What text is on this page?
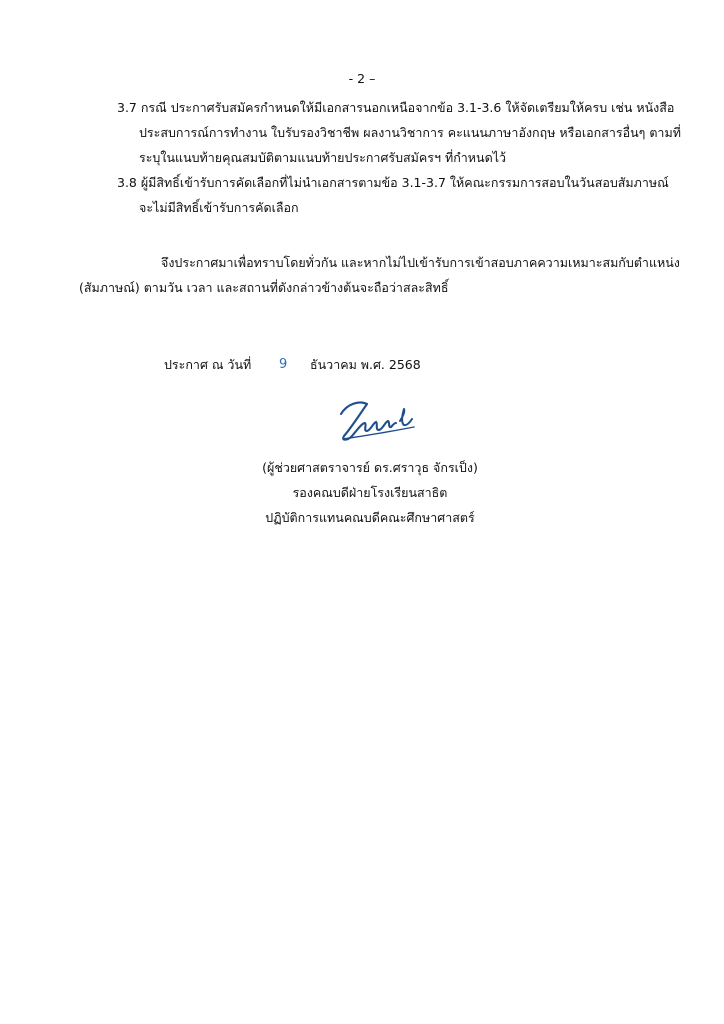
- 2 –
3.7 กรณี ประกาศรับสมัครกำหนดให้มีเอกสารนอกเหนือจากข้อ 3.1-3.6 ให้จัดเตรียมให้ครบ เช่น หนังสือ
ประสบการณ์การทำงาน ใบรับรองวิชาชีพ ผลงานวิชาการ คะแนนภาษาอังกฤษ หรือเอกสารอื่นๆ ตามที่
ระบุในแนบท้ายคุณสมบัติตามแนบท้ายประกาศรับสมัครฯ ที่กำหนดไว้
3.8 ผู้มีสิทธิ์เข้ารับการคัดเลือกที่ไม่นำเอกสารตามข้อ 3.1-3.7 ให้คณะกรรมการสอบในวันสอบสัมภาษณ์
จะไม่มีสิทธิ์เข้ารับการคัดเลือก
จึงประกาศมาเพื่อทราบโดยทั่วกัน และหากไม่ไปเข้ารับการเข้าสอบภาคความเหมาะสมกับตำแหน่ง
(สัมภาษณ์) ตามวัน เวลา และสถานที่ดังกล่าวข้างต้นจะถือว่าสละสิทธิ์
ประกาศ ณ วันที่ 9 ธันวาคม พ.ศ. 2568
(ผู้ช่วยศาสตราจารย์ ดร.ศราวุธ จักรเป็ง)
รองคณบดีฝ่ายโรงเรียนสาธิต
ปฏิบัติการแทนคณบดีคณะศึกษาศาสตร์
